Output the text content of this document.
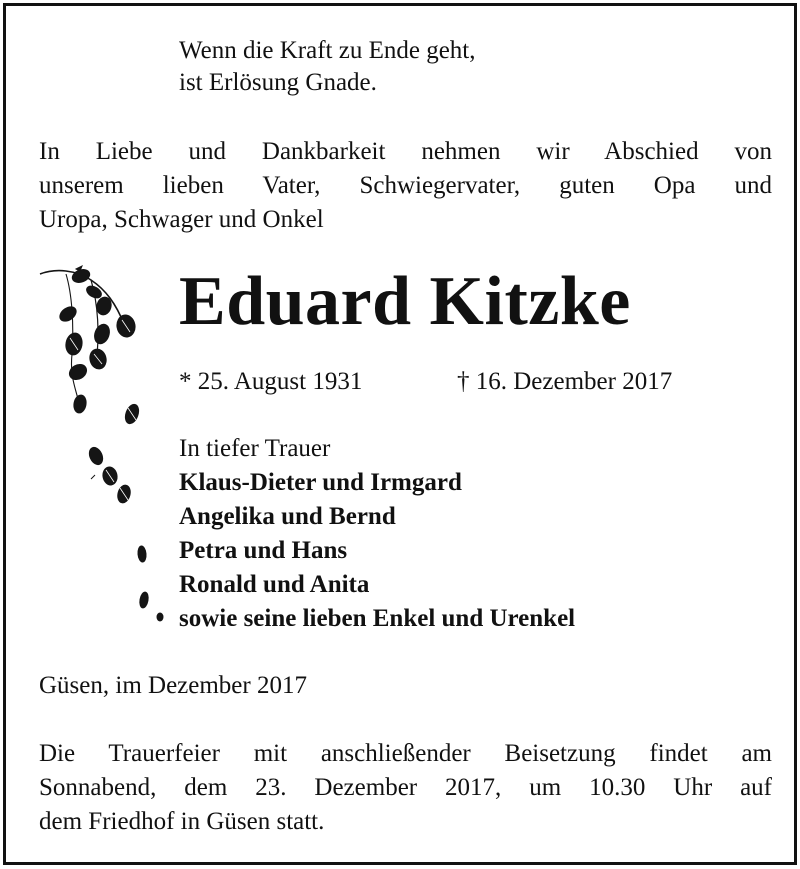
Wenn die Kraft zu Ende geht,
ist Erlösung Gnade.
In Liebe und Dankbarkeit nehmen wir Abschied von
unserem lieben Vater, Schwiegervater, guten Opa und
Uropa, Schwager und Onkel
Eduard Kitzke
* 25. August 1931	† 16. Dezember 2017
In tiefer Trauer
Klaus-Dieter und Irmgard
Angelika und Bernd
Petra und Hans
Ronald und Anita
sowie seine lieben Enkel und Urenkel
Güsen, im Dezember 2017
Die Trauerfeier mit anschließender Beisetzung findet am
Sonnabend, dem 23. Dezember 2017, um 10.30 Uhr auf
dem Friedhof in Güsen statt.
